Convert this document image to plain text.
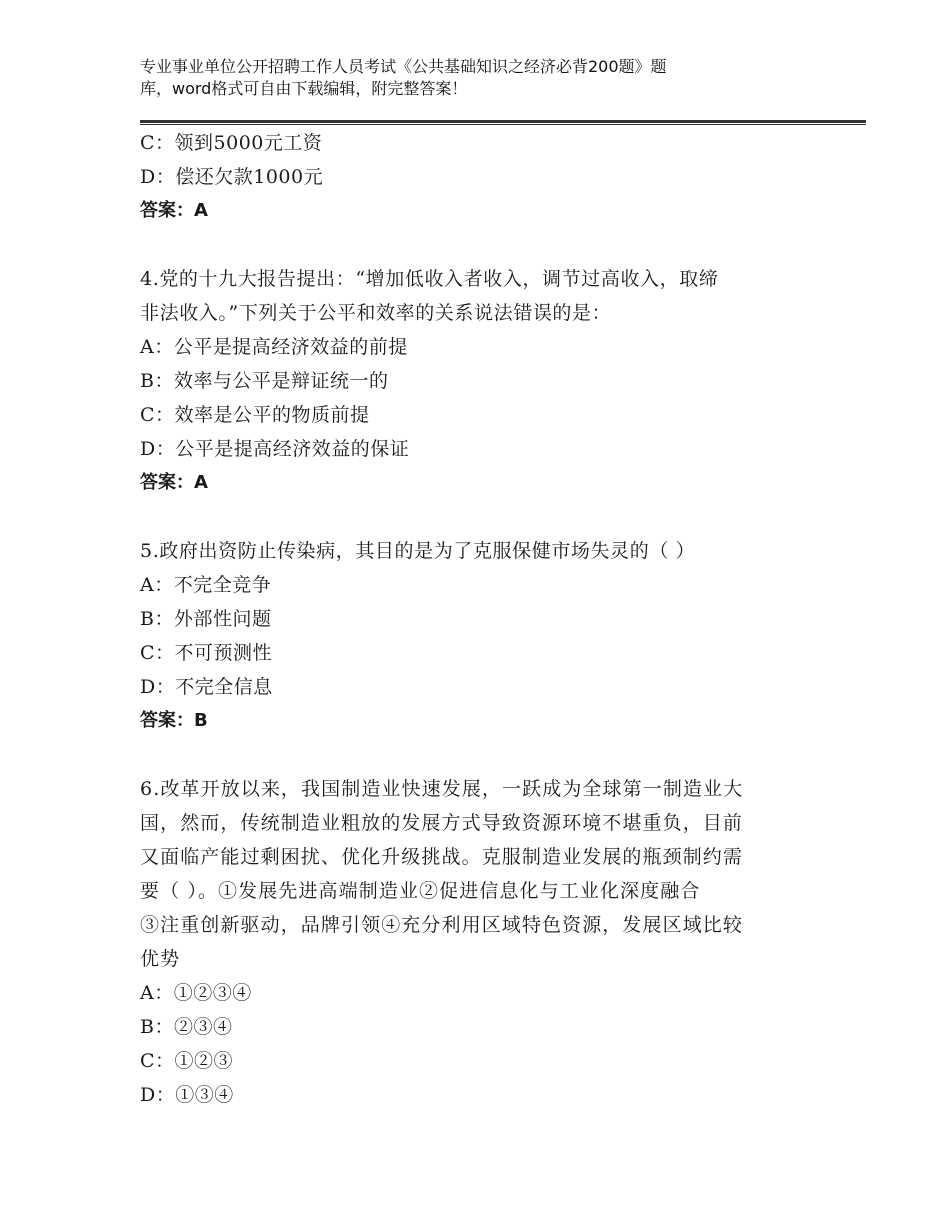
专业事业单位公开招聘工作人员考试《公共基础知识之经济必背200题》题
库，word格式可自由下载编辑，附完整答案！
C：领到5000元工资
D：偿还欠款1000元
答案：A
4.党的十九大报告提出：“增加低收入者收入，调节过高收入，取缔
非法收入。”下列关于公平和效率的关系说法错误的是：
A：公平是提高经济效益的前提
B：效率与公平是辩证统一的
C：效率是公平的物质前提
D：公平是提高经济效益的保证
答案：A
5.政府出资防止传染病，其目的是为了克服保健市场失灵的（ ）
A：不完全竞争
B：外部性问题
C：不可预测性
D：不完全信息
答案：B
6.改革开放以来，我国制造业快速发展，一跃成为全球第一制造业大
国，然而，传统制造业粗放的发展方式导致资源环境不堪重负，目前
又面临产能过剩困扰、优化升级挑战。克服制造业发展的瓶颈制约需
要（ ）。①发展先进高端制造业②促进信息化与工业化深度融合
③注重创新驱动，品牌引领④充分利用区域特色资源，发展区域比较
优势
A：①②③④
B：②③④
C：①②③
D：①③④
